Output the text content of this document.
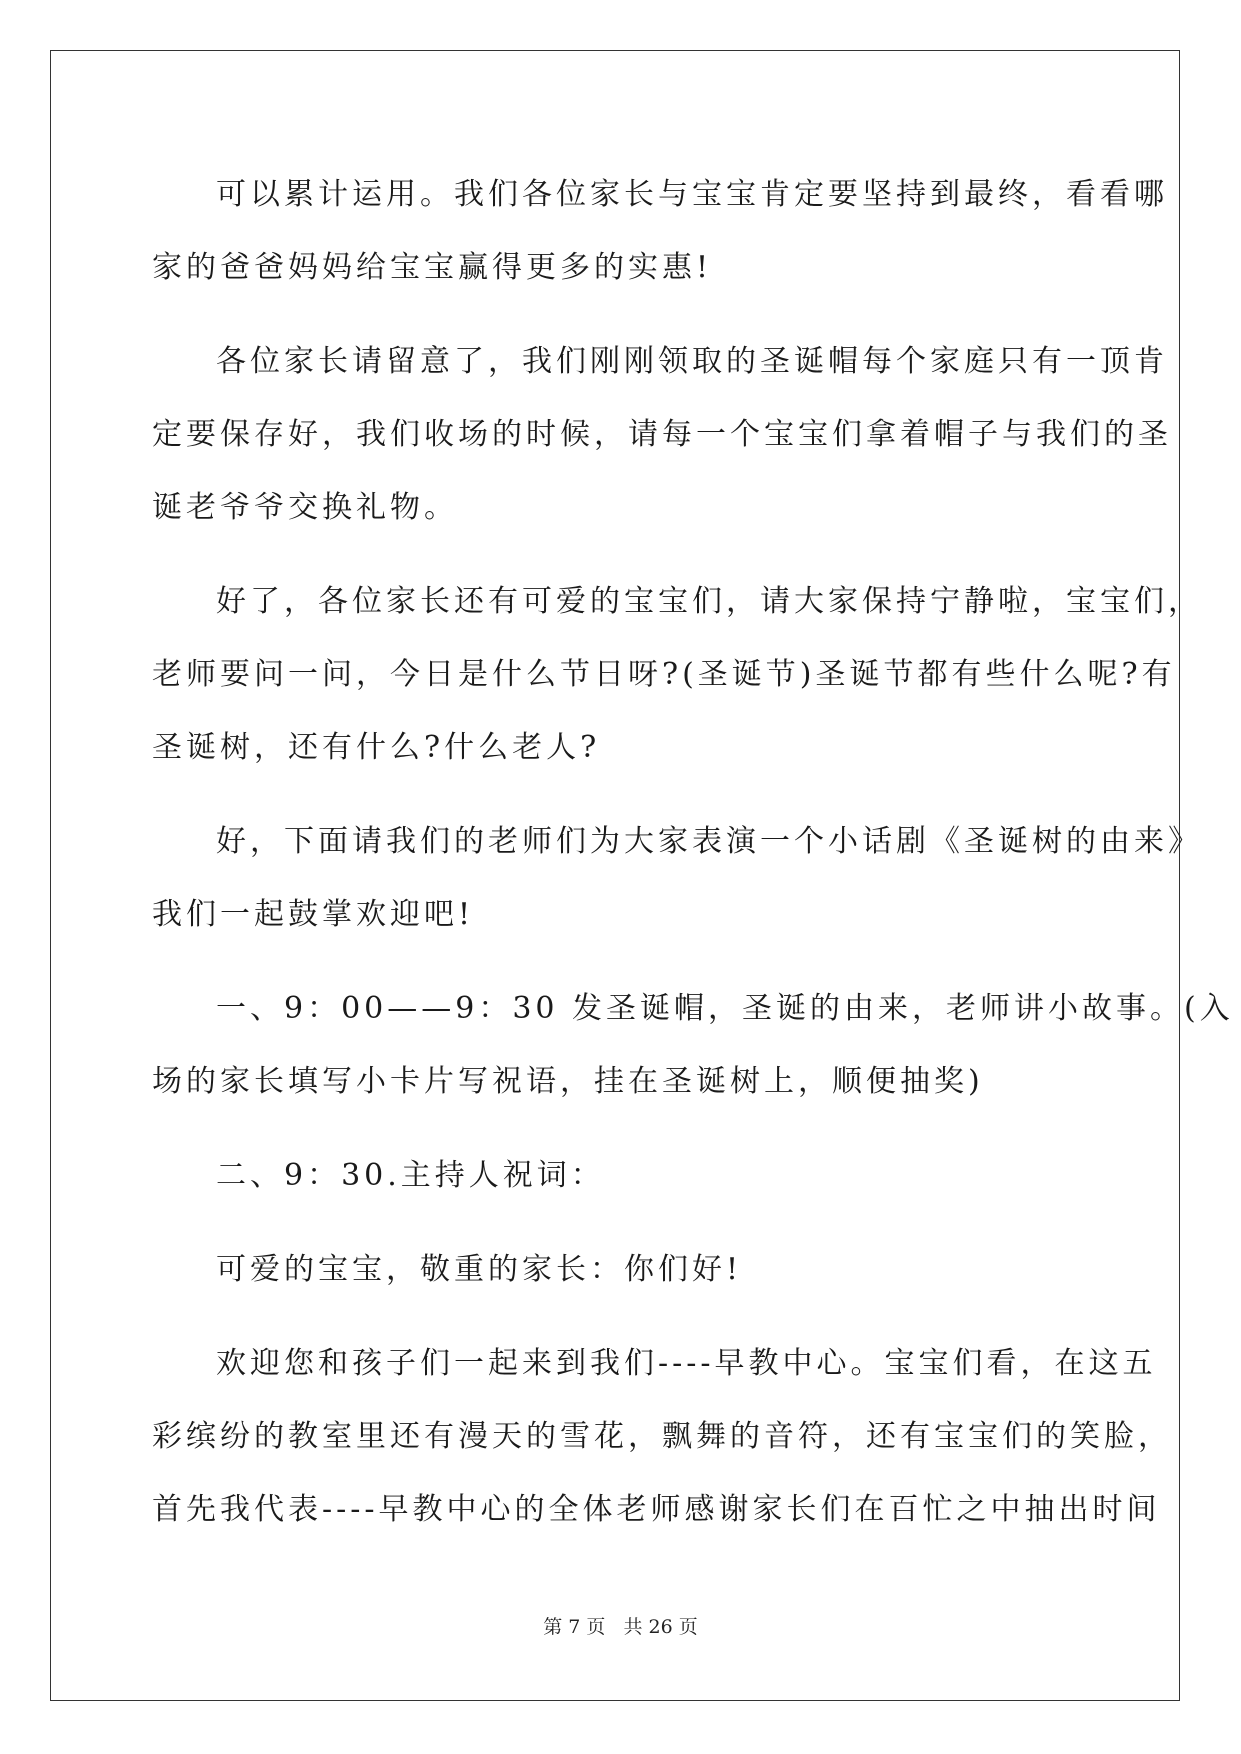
可以累计运用。我们各位家长与宝宝肯定要坚持到最终，看看哪
家的爸爸妈妈给宝宝赢得更多的实惠!

各位家长请留意了，我们刚刚领取的圣诞帽每个家庭只有一顶肯
定要保存好，我们收场的时候，请每一个宝宝们拿着帽子与我们的圣
诞老爷爷交换礼物。

好了，各位家长还有可爱的宝宝们，请大家保持宁静啦，宝宝们，
老师要问一问，今日是什么节日呀?(圣诞节)圣诞节都有些什么呢?有
圣诞树，还有什么?什么老人?

好，下面请我们的老师们为大家表演一个小话剧《圣诞树的由来》
我们一起鼓掌欢迎吧!

一、9：00——9：30 发圣诞帽，圣诞的由来，老师讲小故事。(入
场的家长填写小卡片写祝语，挂在圣诞树上，顺便抽奖)

二、9：30.主持人祝词：

可爱的宝宝，敬重的家长：你们好!

欢迎您和孩子们一起来到我们----早教中心。宝宝们看，在这五
彩缤纷的教室里还有漫天的雪花，飘舞的音符，还有宝宝们的笑脸，
首先我代表----早教中心的全体老师感谢家长们在百忙之中抽出时间

第 7 页 共 26 页
